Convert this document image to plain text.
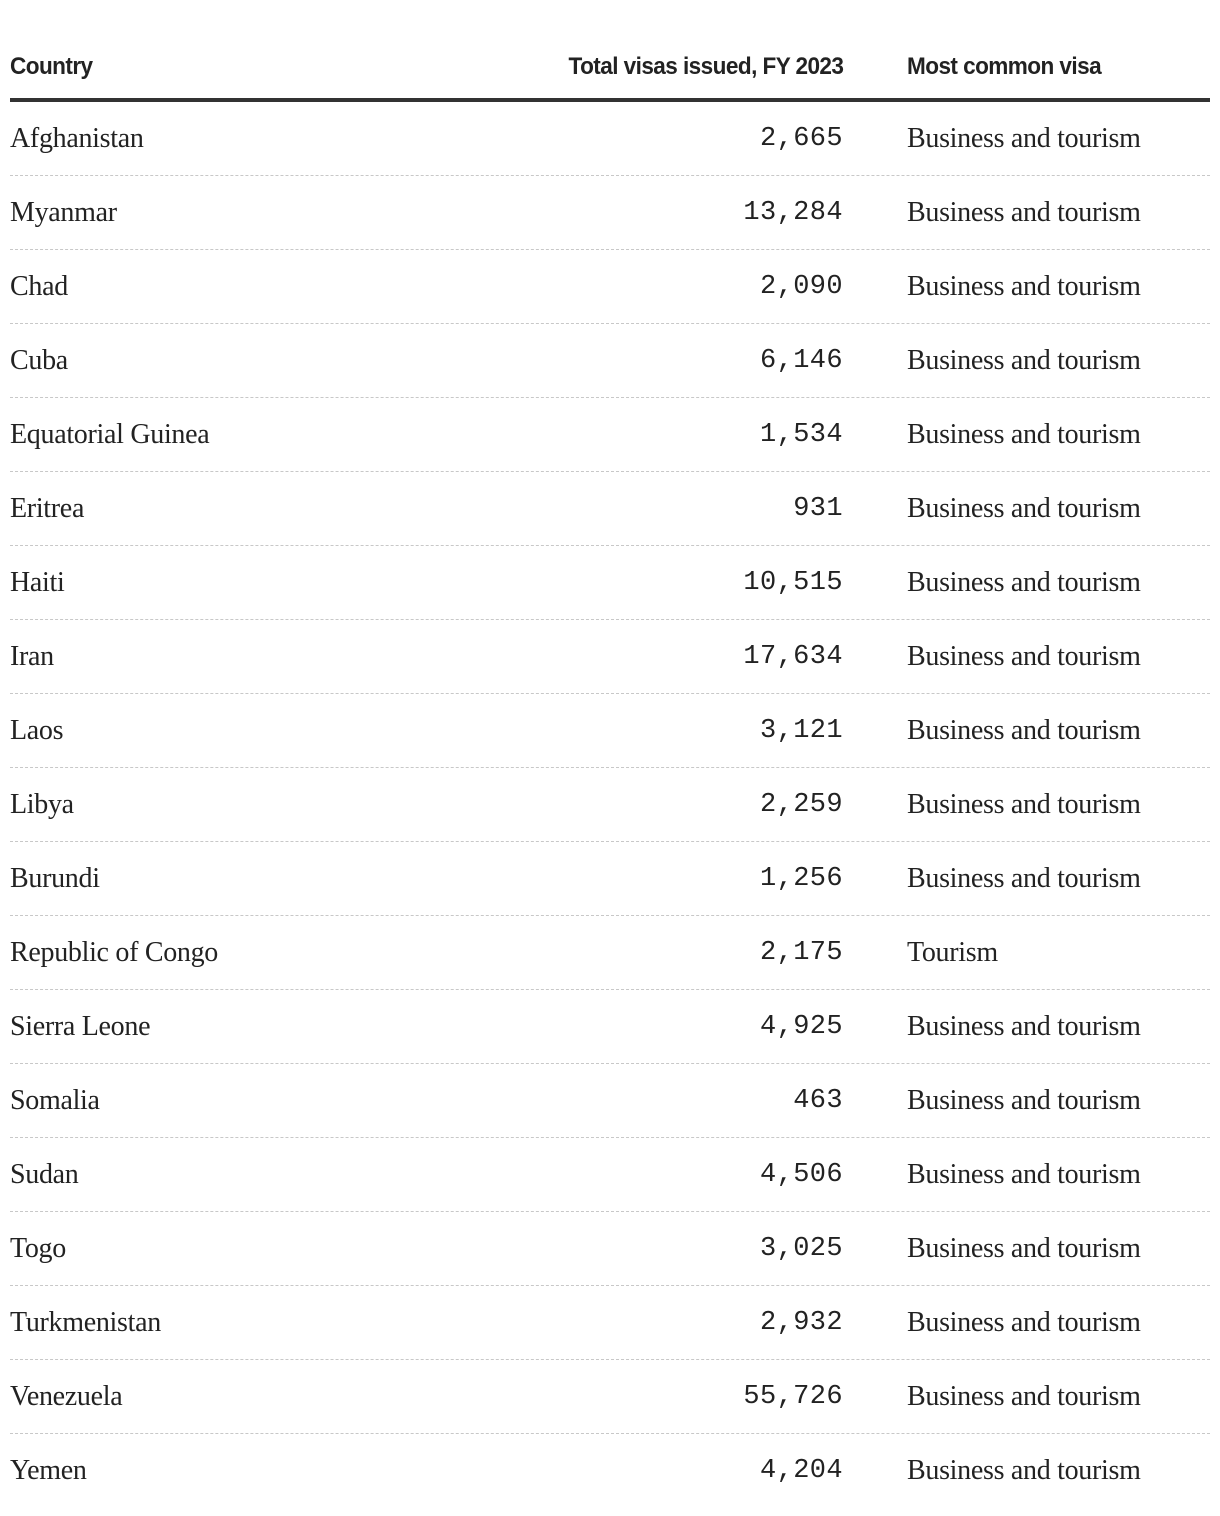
Country	Total visas issued, FY 2023	Most common visa
Afghanistan	2,665 Business and tourism
Myanmar	13,284 Business and tourism
Chad	2,090 Business and tourism
Cuba	6,146 Business and tourism
Equatorial Guinea	1,534 Business and tourism
Eritrea	931 Business and tourism
Haiti	10,515 Business and tourism
Iran	17,634 Business and tourism
Laos	3,121 Business and tourism
Libya	2,259 Business and tourism
Burundi	1,256 Business and tourism
Republic of Congo	2,175 Tourism
Sierra Leone	4,925 Business and tourism
Somalia	463 Business and tourism
Sudan	4,506 Business and tourism
Togo	3,025 Business and tourism
Turkmenistan	2,932 Business and tourism
Venezuela	55,726 Business and tourism
Yemen	4,204 Business and tourism
